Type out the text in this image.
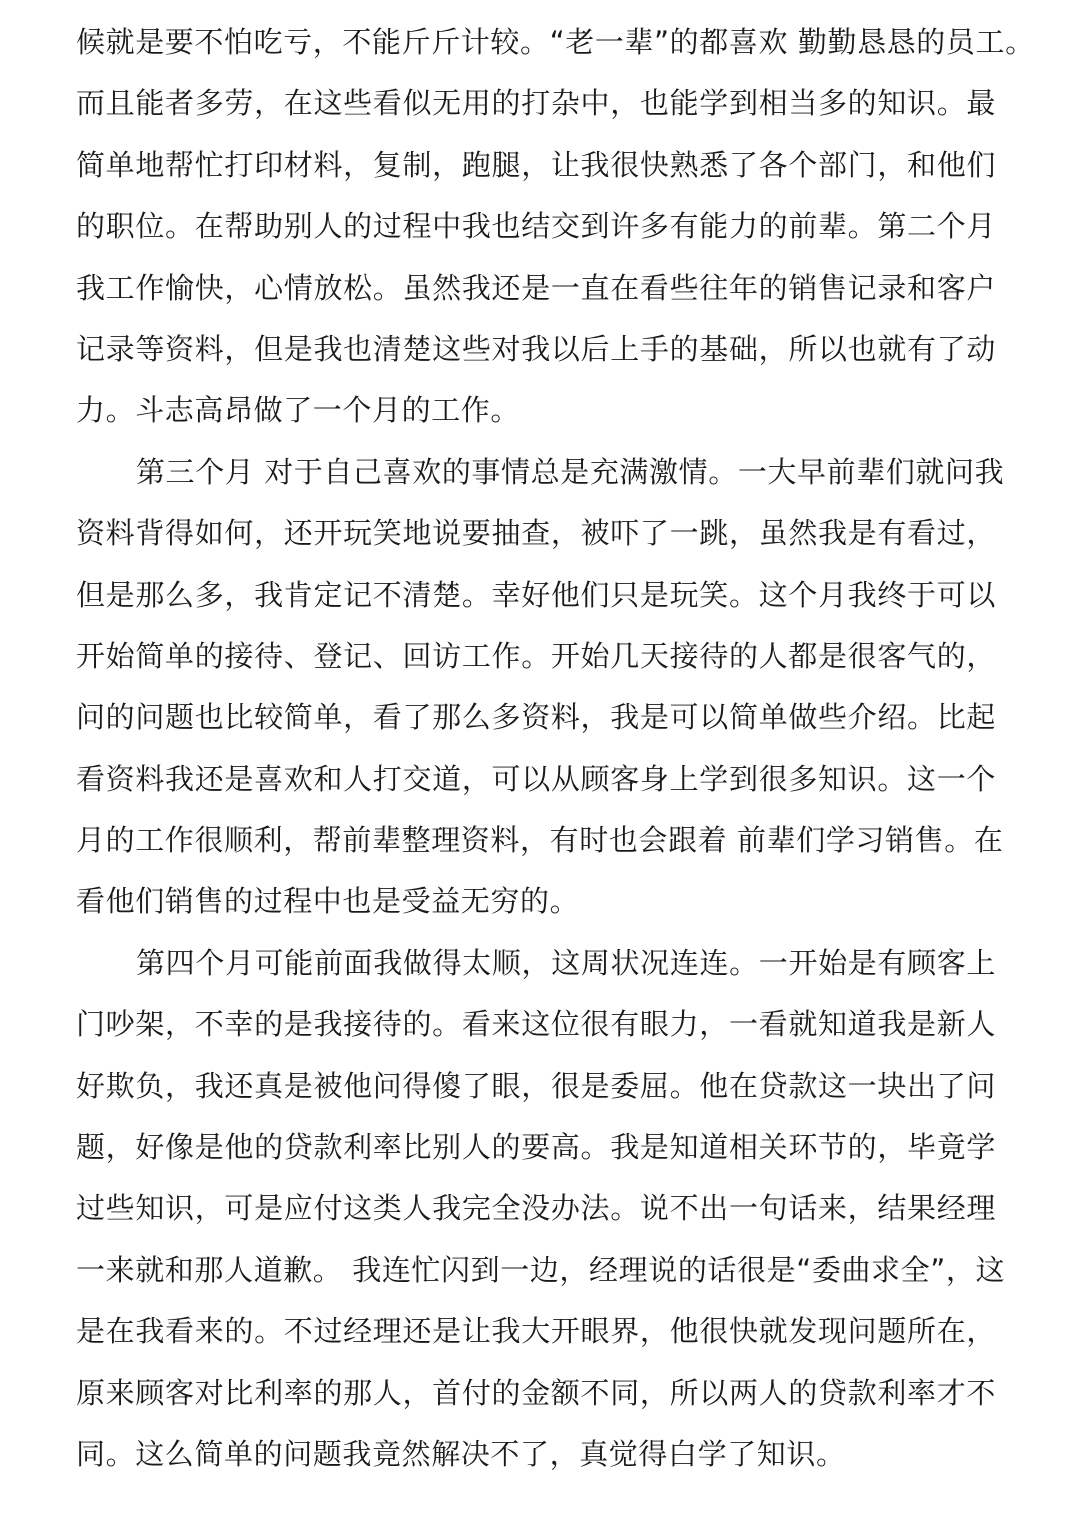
候就是要不怕吃亏，不能斤斤计较。“老一辈”的都喜欢 勤勤恳恳的员工。
而且能者多劳，在这些看似无用的打杂中，也能学到相当多的知识。最
简单地帮忙打印材料，复制，跑腿，让我很快熟悉了各个部门，和他们
的职位。在帮助别人的过程中我也结交到许多有能力的前辈。第二个月
我工作愉快，心情放松。虽然我还是一直在看些往年的销售记录和客户
记录等资料，但是我也清楚这些对我以后上手的基础，所以也就有了动
力。斗志高昂做了一个月的工作。
第三个月 对于自己喜欢的事情总是充满激情。一大早前辈们就问我
资料背得如何，还开玩笑地说要抽查，被吓了一跳，虽然我是有看过，
但是那么多，我肯定记不清楚。幸好他们只是玩笑。这个月我终于可以
开始简单的接待、登记、回访工作。开始几天接待的人都是很客气的，
问的问题也比较简单，看了那么多资料，我是可以简单做些介绍。比起
看资料我还是喜欢和人打交道，可以从顾客身上学到很多知识。这一个
月的工作很顺利，帮前辈整理资料，有时也会跟着 前辈们学习销售。在
看他们销售的过程中也是受益无穷的。
第四个月可能前面我做得太顺，这周状况连连。一开始是有顾客上
门吵架，不幸的是我接待的。看来这位很有眼力，一看就知道我是新人
好欺负，我还真是被他问得傻了眼，很是委屈。他在贷款这一块出了问
题，好像是他的贷款利率比别人的要高。我是知道相关环节的，毕竟学
过些知识，可是应付这类人我完全没办法。说不出一句话来，结果经理
一来就和那人道歉。 我连忙闪到一边，经理说的话很是“委曲求全”，这
是在我看来的。不过经理还是让我大开眼界，他很快就发现问题所在，
原来顾客对比利率的那人，首付的金额不同，所以两人的贷款利率才不
同。这么简单的问题我竟然解决不了，真觉得白学了知识。
